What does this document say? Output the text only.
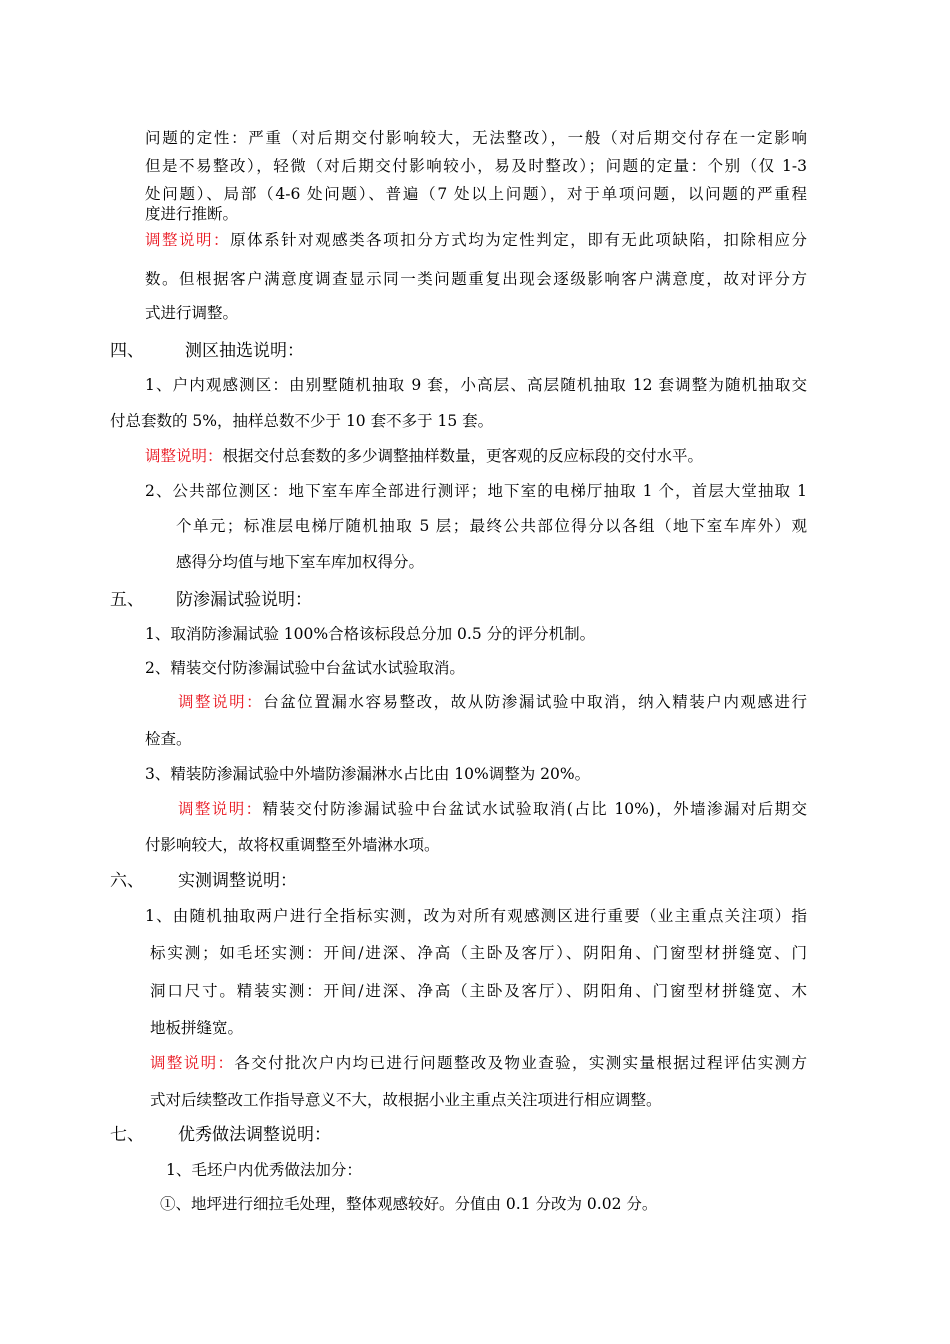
问题的定性：严重（对后期交付影响较大，无法整改），一般（对后期交付存在一定影响
但是不易整改），轻微（对后期交付影响较小，易及时整改）；问题的定量：个别（仅 1-3
处问题）、局部（4-6 处问题）、普遍（7 处以上问题），对于单项问题，以问题的严重程
度进行推断。
调整说明：原体系针对观感类各项扣分方式均为定性判定，即有无此项缺陷，扣除相应分
数。但根据客户满意度调查显示同一类问题重复出现会逐级影响客户满意度，故对评分方
式进行调整。
四、 测区抽选说明：
1、户内观感测区：由别墅随机抽取 9 套，小高层、高层随机抽取 12 套调整为随机抽取交
付总套数的 5%，抽样总数不少于 10 套不多于 15 套。
调整说明：根据交付总套数的多少调整抽样数量，更客观的反应标段的交付水平。
2、公共部位测区：地下室车库全部进行测评；地下室的电梯厅抽取 1 个，首层大堂抽取 1
个单元；标准层电梯厅随机抽取 5 层；最终公共部位得分以各组（地下室车库外）观
感得分均值与地下室车库加权得分。
五、 防渗漏试验说明：
1、取消防渗漏试验 100%合格该标段总分加 0.5 分的评分机制。
2、精装交付防渗漏试验中台盆试水试验取消。
调整说明：台盆位置漏水容易整改，故从防渗漏试验中取消，纳入精装户内观感进行
检查。
3、精装防渗漏试验中外墙防渗漏淋水占比由 10%调整为 20%。
调整说明：精装交付防渗漏试验中台盆试水试验取消(占比 10%)，外墙渗漏对后期交
付影响较大，故将权重调整至外墙淋水项。
六、 实测调整说明：
1、由随机抽取两户进行全指标实测，改为对所有观感测区进行重要（业主重点关注项）指
标实测；如毛坯实测：开间/进深、净高（主卧及客厅）、阴阳角、门窗型材拼缝宽、门
洞口尺寸。精装实测：开间/进深、净高（主卧及客厅）、阴阳角、门窗型材拼缝宽、木
地板拼缝宽。
调整说明：各交付批次户内均已进行问题整改及物业查验，实测实量根据过程评估实测方
式对后续整改工作指导意义不大，故根据小业主重点关注项进行相应调整。
七、 优秀做法调整说明：
1、毛坯户内优秀做法加分：
①、地坪进行细拉毛处理，整体观感较好。分值由 0.1 分改为 0.02 分。
